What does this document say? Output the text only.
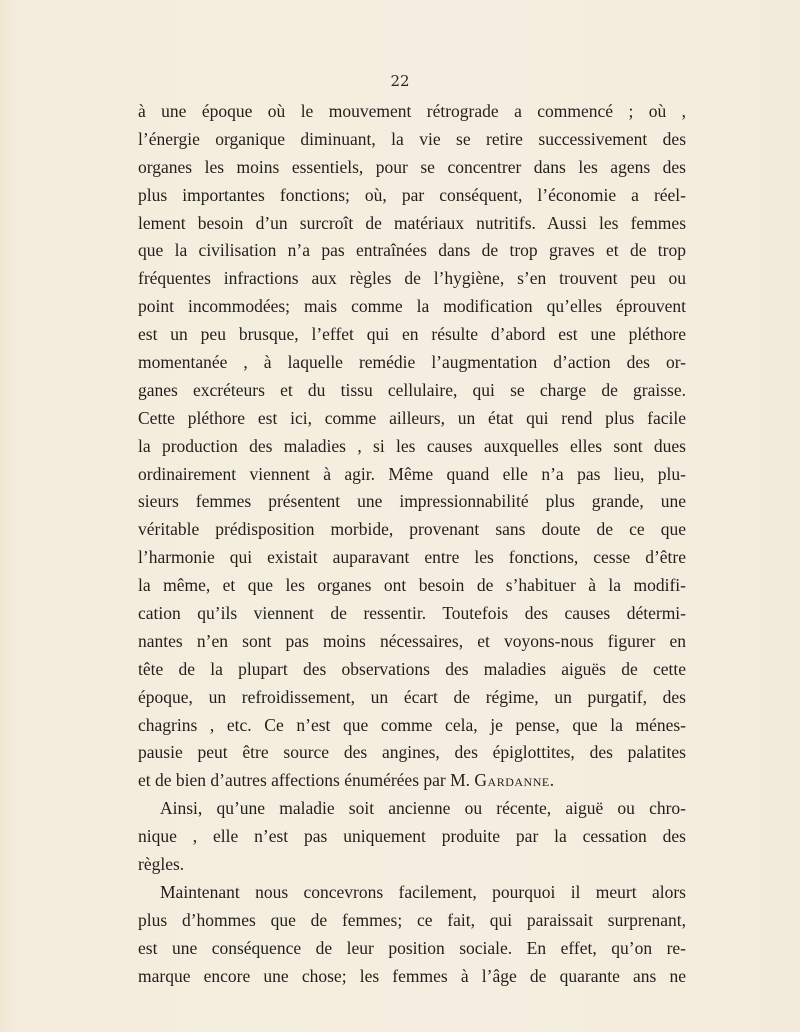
22
à une époque où le mouvement rétrograde a commencé ; où ,
l’énergie organique diminuant, la vie se retire successivement des
organes les moins essentiels, pour se concentrer dans les agens des
plus importantes fonctions; où, par conséquent, l’économie a réel-
lement besoin d’un surcroît de matériaux nutritifs. Aussi les femmes
que la civilisation n’a pas entraînées dans de trop graves et de trop
fréquentes infractions aux règles de l’hygiène, s’en trouvent peu ou
point incommodées; mais comme la modification qu’elles éprouvent
est un peu brusque, l’effet qui en résulte d’abord est une pléthore
momentanée , à laquelle remédie l’augmentation d’action des or-
ganes excréteurs et du tissu cellulaire, qui se charge de graisse.
Cette pléthore est ici, comme ailleurs, un état qui rend plus facile
la production des maladies , si les causes auxquelles elles sont dues
ordinairement viennent à agir. Même quand elle n’a pas lieu, plu-
sieurs femmes présentent une impressionnabilité plus grande, une
véritable prédisposition morbide, provenant sans doute de ce que
l’harmonie qui existait auparavant entre les fonctions, cesse d’être
la même, et que les organes ont besoin de s’habituer à la modifi-
cation qu’ils viennent de ressentir. Toutefois des causes détermi-
nantes n’en sont pas moins nécessaires, et voyons-nous figurer en
tête de la plupart des observations des maladies aiguës de cette
époque, un refroidissement, un écart de régime, un purgatif, des
chagrins , etc. Ce n’est que comme cela, je pense, que la ménes-
pausie peut être source des angines, des épiglottites, des palatites
et de bien d’autres affections énumérées par M. Gardanne.
Ainsi, qu’une maladie soit ancienne ou récente, aiguë ou chro-
nique , elle n’est pas uniquement produite par la cessation des
règles.
Maintenant nous concevrons facilement, pourquoi il meurt alors
plus d’hommes que de femmes; ce fait, qui paraissait surprenant,
est une conséquence de leur position sociale. En effet, qu’on re-
marque encore une chose; les femmes à l’âge de quarante ans ne
